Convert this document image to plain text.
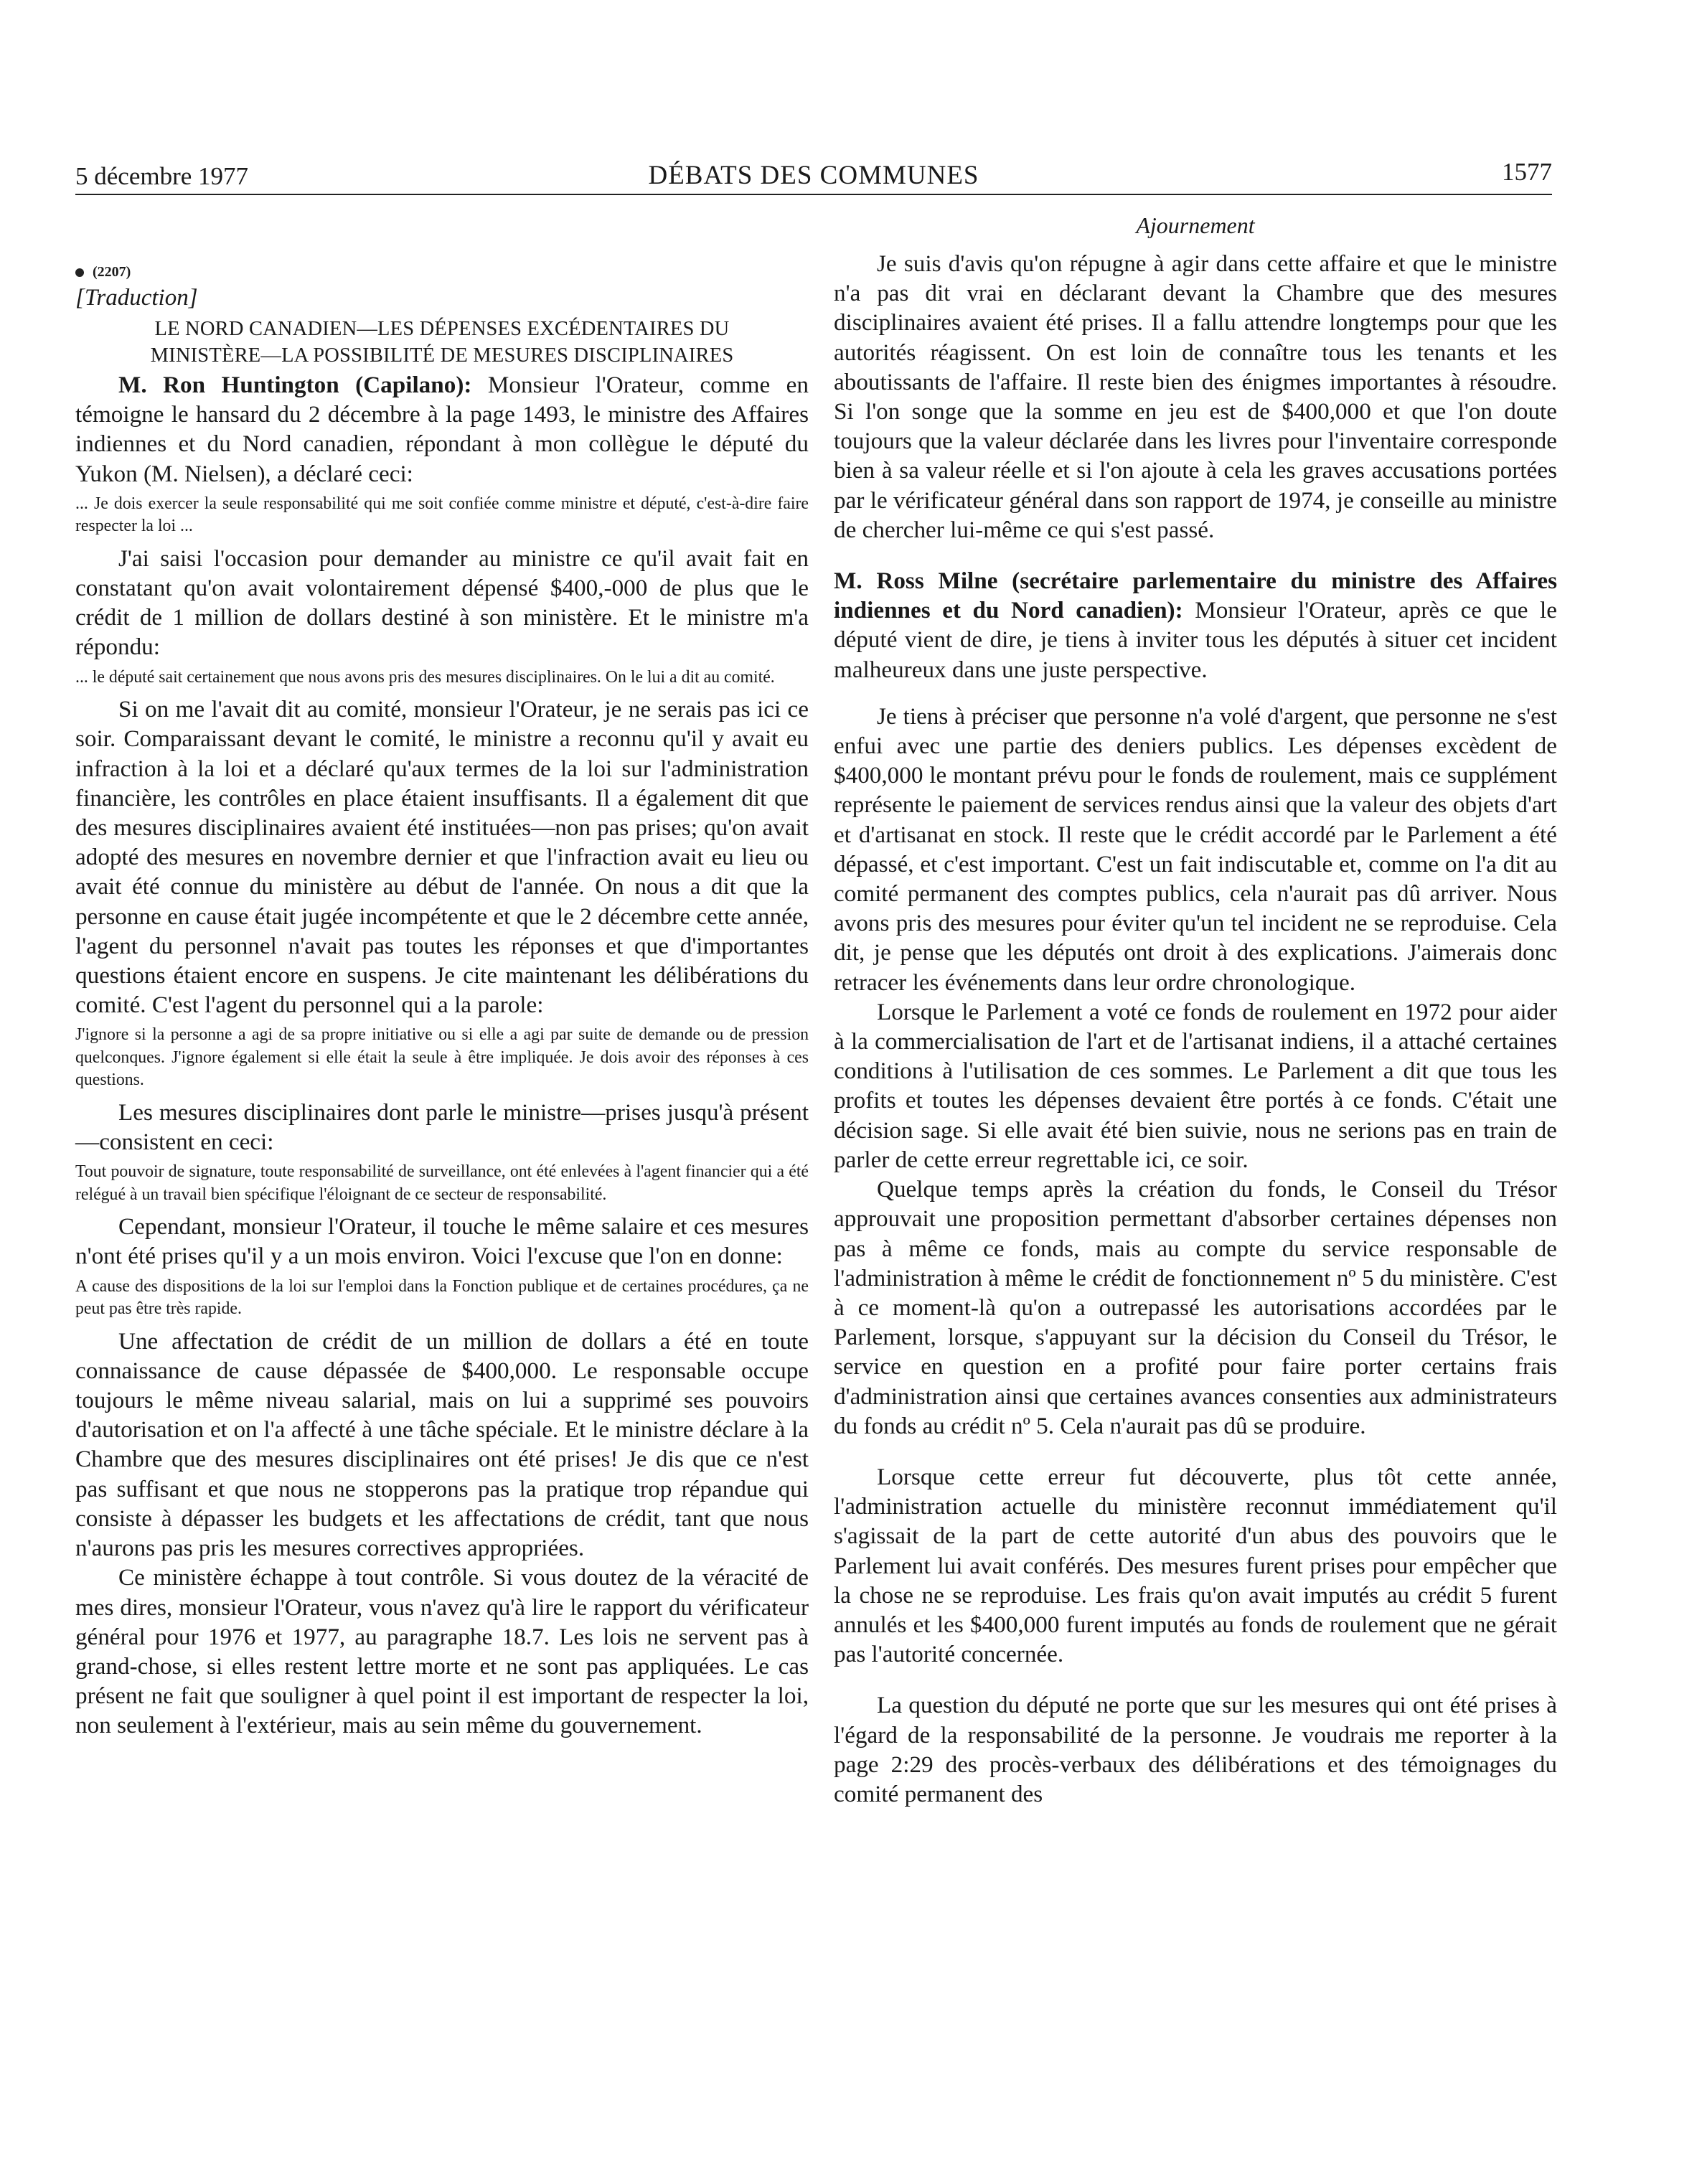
5 décembre 1977	DÉBATS DES COMMUNES	1577
(2207)
[Traduction]
LE NORD CANADIEN—LES DÉPENSES EXCÉDENTAIRES DU
MINISTÈRE—LA POSSIBILITÉ DE MESURES DISCIPLINAIRES

M. Ron Huntington (Capilano): Monsieur l'Orateur, comme en témoigne le hansard du 2 décembre à la page 1493, le ministre des Affaires indiennes et du Nord canadien, répondant à mon collègue le député du Yukon (M. Nielsen), a déclaré ceci:

... Je dois exercer la seule responsabilité qui me soit confiée comme ministre et député, c'est-à-dire faire respecter la loi ...

J'ai saisi l'occasion pour demander au ministre ce qu'il avait fait en constatant qu'on avait volontairement dépensé $400,-000 de plus que le crédit de 1 million de dollars destiné à son ministère. Et le ministre m'a répondu:

... le député sait certainement que nous avons pris des mesures disciplinaires. On le lui a dit au comité.

Si on me l'avait dit au comité, monsieur l'Orateur, je ne serais pas ici ce soir. Comparaissant devant le comité, le ministre a reconnu qu'il y avait eu infraction à la loi et a déclaré qu'aux termes de la loi sur l'administration financière, les contrôles en place étaient insuffisants. Il a également dit que des mesures disciplinaires avaient été instituées—non pas prises; qu'on avait adopté des mesures en novembre dernier et que l'infraction avait eu lieu ou avait été connue du ministère au début de l'année. On nous a dit que la personne en cause était jugée incompétente et que le 2 décembre cette année, l'agent du personnel n'avait pas toutes les réponses et que d'importantes questions étaient encore en suspens. Je cite maintenant les délibérations du comité. C'est l'agent du personnel qui a la parole:

J'ignore si la personne a agi de sa propre initiative ou si elle a agi par suite de demande ou de pression quelconques. J'ignore également si elle était la seule à être impliquée. Je dois avoir des réponses à ces questions.

Les mesures disciplinaires dont parle le ministre—prises jusqu'à présent—consistent en ceci:

Tout pouvoir de signature, toute responsabilité de surveillance, ont été enlevées à l'agent financier qui a été relégué à un travail bien spécifique l'éloignant de ce secteur de responsabilité.

Cependant, monsieur l'Orateur, il touche le même salaire et ces mesures n'ont été prises qu'il y a un mois environ. Voici l'excuse que l'on en donne:

A cause des dispositions de la loi sur l'emploi dans la Fonction publique et de certaines procédures, ça ne peut pas être très rapide.

Une affectation de crédit de un million de dollars a été en toute connaissance de cause dépassée de $400,000. Le responsable occupe toujours le même niveau salarial, mais on lui a supprimé ses pouvoirs d'autorisation et on l'a affecté à une tâche spéciale. Et le ministre déclare à la Chambre que des mesures disciplinaires ont été prises! Je dis que ce n'est pas suffisant et que nous ne stopperons pas la pratique trop répandue qui consiste à dépasser les budgets et les affectations de crédit, tant que nous n'aurons pas pris les mesures correctives appropriées.

Ce ministère échappe à tout contrôle. Si vous doutez de la véracité de mes dires, monsieur l'Orateur, vous n'avez qu'à lire le rapport du vérificateur général pour 1976 et 1977, au paragraphe 18.7. Les lois ne servent pas à grand-chose, si elles restent lettre morte et ne sont pas appliquées. Le cas présent ne fait que souligner à quel point il est important de respecter la loi, non seulement à l'extérieur, mais au sein même du gouvernement.

Ajournement

Je suis d'avis qu'on répugne à agir dans cette affaire et que le ministre n'a pas dit vrai en déclarant devant la Chambre que des mesures disciplinaires avaient été prises. Il a fallu attendre longtemps pour que les autorités réagissent. On est loin de connaître tous les tenants et les aboutissants de l'affaire. Il reste bien des énigmes importantes à résoudre. Si l'on songe que la somme en jeu est de $400,000 et que l'on doute toujours que la valeur déclarée dans les livres pour l'inventaire corresponde bien à sa valeur réelle et si l'on ajoute à cela les graves accusations portées par le vérificateur général dans son rapport de 1974, je conseille au ministre de chercher lui-même ce qui s'est passé.

M. Ross Milne (secrétaire parlementaire du ministre des Affaires indiennes et du Nord canadien): Monsieur l'Orateur, après ce que le député vient de dire, je tiens à inviter tous les députés à situer cet incident malheureux dans une juste perspective.

Je tiens à préciser que personne n'a volé d'argent, que personne ne s'est enfui avec une partie des deniers publics. Les dépenses excèdent de $400,000 le montant prévu pour le fonds de roulement, mais ce supplément représente le paiement de services rendus ainsi que la valeur des objets d'art et d'artisanat en stock. Il reste que le crédit accordé par le Parlement a été dépassé, et c'est important. C'est un fait indiscutable et, comme on l'a dit au comité permanent des comptes publics, cela n'aurait pas dû arriver. Nous avons pris des mesures pour éviter qu'un tel incident ne se reproduise. Cela dit, je pense que les députés ont droit à des explications. J'aimerais donc retracer les événements dans leur ordre chronologique.

Lorsque le Parlement a voté ce fonds de roulement en 1972 pour aider à la commercialisation de l'art et de l'artisanat indiens, il a attaché certaines conditions à l'utilisation de ces sommes. Le Parlement a dit que tous les profits et toutes les dépenses devaient être portés à ce fonds. C'était une décision sage. Si elle avait été bien suivie, nous ne serions pas en train de parler de cette erreur regrettable ici, ce soir.

Quelque temps après la création du fonds, le Conseil du Trésor approuvait une proposition permettant d'absorber certaines dépenses non pas à même ce fonds, mais au compte du service responsable de l'administration à même le crédit de fonctionnement nº 5 du ministère. C'est à ce moment-là qu'on a outrepassé les autorisations accordées par le Parlement, lorsque, s'appuyant sur la décision du Conseil du Trésor, le service en question en a profité pour faire porter certains frais d'administration ainsi que certaines avances consenties aux administrateurs du fonds au crédit nº 5. Cela n'aurait pas dû se produire.

Lorsque cette erreur fut découverte, plus tôt cette année, l'administration actuelle du ministère reconnut immédiatement qu'il s'agissait de la part de cette autorité d'un abus des pouvoirs que le Parlement lui avait conférés. Des mesures furent prises pour empêcher que la chose ne se reproduise. Les frais qu'on avait imputés au crédit 5 furent annulés et les $400,000 furent imputés au fonds de roulement que ne gérait pas l'autorité concernée.

La question du député ne porte que sur les mesures qui ont été prises à l'égard de la responsabilité de la personne. Je voudrais me reporter à la page 2:29 des procès-verbaux des délibérations et des témoignages du comité permanent des
